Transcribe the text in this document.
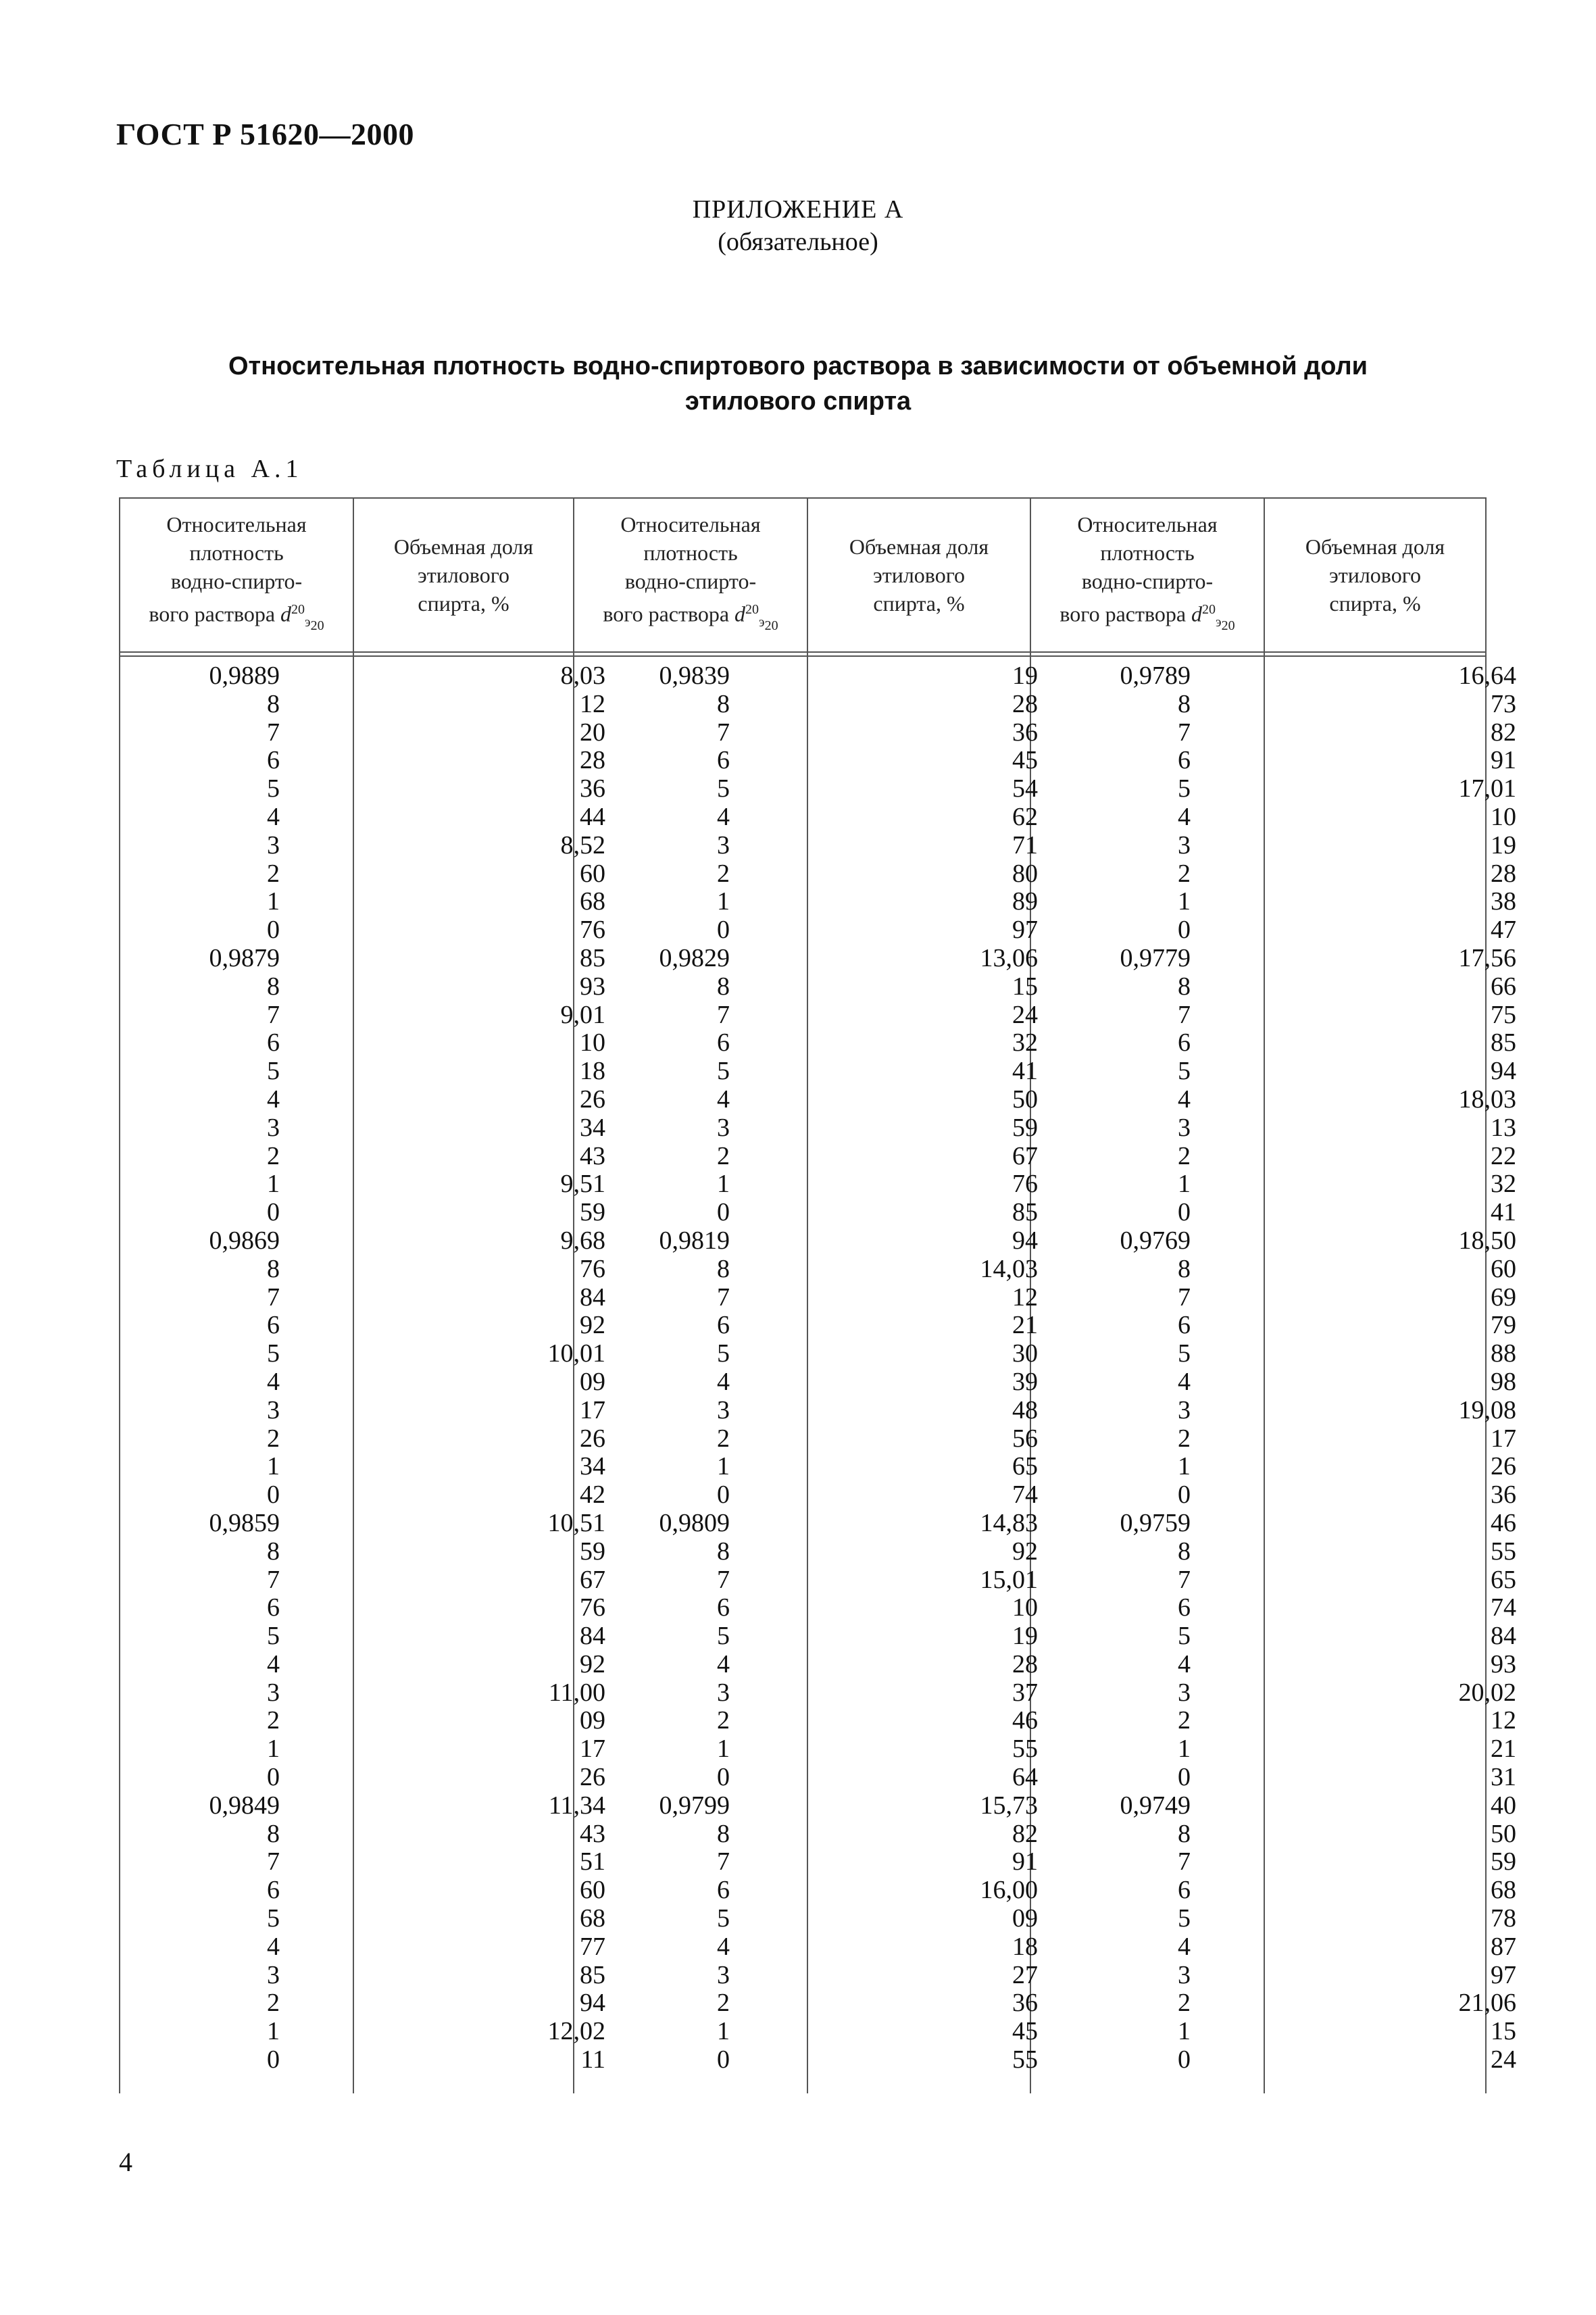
ГОСТ Р 51620—2000
ПРИЛОЖЕНИЕ А
(обязательное)
Относительная плотность водно-спиртового раствора в зависимости от объемной доли
этилового спирта
Таблица А.1
Относительная
плотность
водно-спирто-
вого раствора $d^{20}_{э_{20}}$
Объемная доля
этилового
спирта, %
Относительная
плотность
водно-спирто-
вого раствора $d^{20}_{э_{20}}$
Объемная доля
этилового
спирта, %
Относительная
плотность
водно-спирто-
вого раствора $d^{20}_{э_{20}}$
Объемная доля
этилового
спирта, %
0,9889
8
7
6
5
4
3
2
1
0
0,9879
8
7
6
5
4
3
2
1
0
0,9869
8
7
6
5
4
3
2
1
0
0,9859
8
7
6
5
4
3
2
1
0
0,9849
8
7
6
5
4
3
2
1
0
8,03
12
20
28
36
44
8,52
60
68
76
85
93
9,01
10
18
26
34
43
9,51
59
9,68
76
84
92
10,01
09
17
26
34
42
10,51
59
67
76
84
92
11,00
09
17
26
11,34
43
51
60
68
77
85
94
12,02
11
0,9839
8
7
6
5
4
3
2
1
0
0,9829
8
7
6
5
4
3
2
1
0
0,9819
8
7
6
5
4
3
2
1
0
0,9809
8
7
6
5
4
3
2
1
0
0,9799
8
7
6
5
4
3
2
1
0
19
28
36
45
54
62
71
80
89
97
13,06
15
24
32
41
50
59
67
76
85
94
14,03
12
21
30
39
48
56
65
74
14,83
92
15,01
10
19
28
37
46
55
64
15,73
82
91
16,00
09
18
27
36
45
55
0,9789
8
7
6
5
4
3
2
1
0
0,9779
8
7
6
5
4
3
2
1
0
0,9769
8
7
6
5
4
3
2
1
0
0,9759
8
7
6
5
4
3
2
1
0
0,9749
8
7
6
5
4
3
2
1
0
16,64
73
82
91
17,01
10
19
28
38
47
17,56
66
75
85
94
18,03
13
22
32
41
18,50
60
69
79
88
98
19,08
17
26
36
46
55
65
74
84
93
20,02
12
21
31
40
50
59
68
78
87
97
21,06
15
24
4
